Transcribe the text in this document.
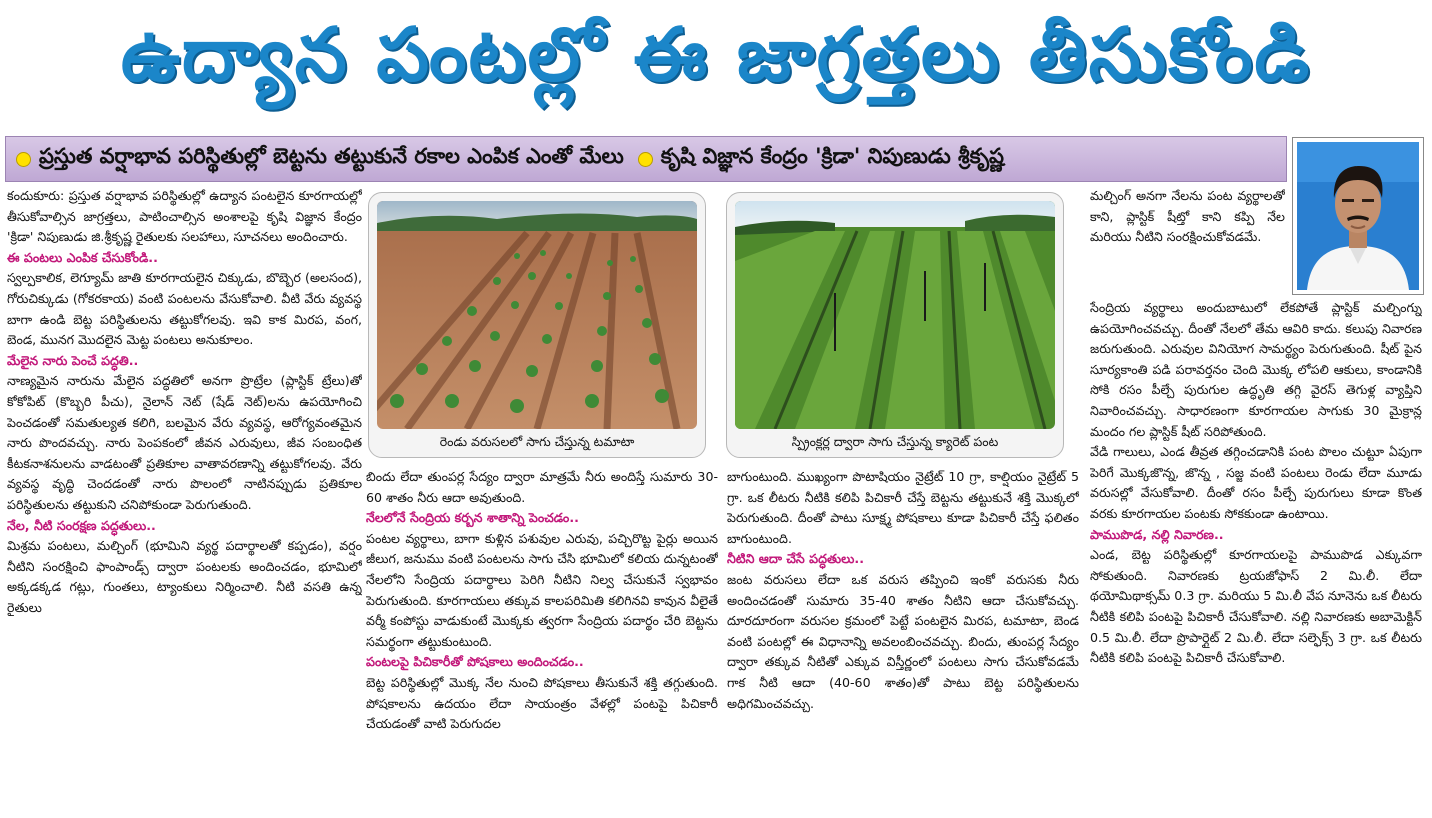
ఉద్యాన పంటల్లో ఈ జాగ్రత్తలు తీసుకోండి
ప్రస్తుత వర్షాభావ పరిస్థితుల్లో బెట్టను తట్టుకునే రకాల ఎంపిక ఎంతో మేలు కృషి విజ్ఞాన కేంద్రం 'క్రిడా' నిపుణుడు శ్రీకృష్ణ

కందుకూరు: ప్రస్తుత వర్షాభావ పరిస్థితుల్లో ఉద్యాన పంటలైన కూరగాయల్లో తీసుకోవాల్సిన జాగ్రత్తలు, పాటించాల్సిన అంశాలపై కృషి విజ్ఞాన కేంద్రం 'క్రిడా' నిపుణుడు జి.శ్రీకృష్ణ రైతులకు సలహాలు, సూచనలు అందించారు.

ఈ పంటలు ఎంపిక చేసుకోండి..

స్వల్పకాలిక, లెగ్యూమ్ జాతి కూరగాయలైన చిక్కుడు, బొబ్బెర (అలసంద), గోరుచిక్కుడు (గోకరకాయ) వంటి పంటలను వేసుకోవాలి. వీటి వేరు వ్యవస్థ బాగా ఉండి బెట్ట పరిస్థితులను తట్టుకోగలవు. ఇవి కాక మిరప, వంగ, బెండ, మునగ మొదలైన మెట్ట పంటలు అనుకూలం.

మేలైన నారు పెంచే పద్ధతి..

నాణ్యమైన నారును మేలైన పద్ధతిలో అనగా ప్రొట్రేల (ప్లాస్టిక్ ట్రేలు)తో కోకోపిట్ (కొబ్బరి పీచు), నైలాన్ నెట్ (షేడ్ నెట్)లను ఉపయోగించి పెంచడంతో సమతుల్యత కలిగి, బలమైన వేరు వ్యవస్థ, ఆరోగ్యవంతమైన నారు పొందవచ్చు. నారు పెంపకంలో జీవన ఎరువులు, జీవ సంబంధిత కీటకనాశనులను వాడటంతో ప్రతికూల వాతావరణాన్ని తట్టుకోగలవు. వేరు వ్యవస్థ వృద్ధి చెందడంతో నారు పొలంలో నాటినప్పుడు ప్రతికూల పరిస్థితులను తట్టుకుని చనిపోకుండా పెరుగుతుంది.

నేల, నీటి సంరక్షణ పద్ధతులు..

మిశ్రమ పంటలు, మల్చింగ్ (భూమిని వ్యర్థ పదార్థాలతో కప్పడం), వర్షం నీటిని సంరక్షించి ఫాంపాండ్స్ ద్వారా పంటలకు అందించడం, భూమిలో అక్కడక్కడ గట్లు, గుంతలు, ట్యాంకులు నిర్మించాలి. నీటి వసతి ఉన్న రైతులు

రెండు వరుసలలో సాగు చేస్తున్న టమాటా	స్ప్రింక్లర్ల ద్వారా సాగు చేస్తున్న క్యారెట్ పంట

బిందు లేదా తుంపర్ల సేద్యం ద్వారా మాత్రమే నీరు అందిస్తే సుమారు 30-60 శాతం నీరు ఆదా అవుతుంది.

నేలలోనే సేంద్రియ కర్బన శాతాన్ని పెంచడం..

పంటల వ్యర్థాలు, బాగా కుళ్లిన పశువుల ఎరువు, పచ్చిరొట్ట పైర్లు అయిన జీలుగ, జనుము వంటి పంటలను సాగు చేసి భూమిలో కలియ దున్నటంతో నేలలోని సేంద్రియ పదార్థాలు పెరిగి నీటిని నిల్వ చేసుకునే స్వభావం పెరుగుతుంది. కూరగాయలు తక్కువ కాలపరిమితి కలిగినవి కావున వీలైతే వర్మీ కంపోస్టు వాడుకుంటే మొక్కకు త్వరగా సేంద్రియ పదార్థం చేరి బెట్టను సమర్థంగా తట్టుకుంటుంది.

పంటలపై పిచికారీతో పోషకాలు అందించడం..

బెట్ట పరిస్థితుల్లో మొక్క నేల నుంచి పోషకాలు తీసుకునే శక్తి తగ్గుతుంది. పోషకాలను ఉదయం లేదా సాయంత్రం వేళల్లో పంటపై పిచికారీ చేయడంతో వాటి పెరుగుదల

బాగుంటుంది. ముఖ్యంగా పొటాషియం నైట్రేట్ 10 గ్రా, కాల్షియం నైట్రేట్ 5 గ్రా. ఒక లీటరు నీటికి కలిపి పిచికారీ చేస్తే బెట్టను తట్టుకునే శక్తి మొక్కలో పెరుగుతుంది. దీంతో పాటు సూక్ష్మ పోషకాలు కూడా పిచికారీ చేస్తే ఫలితం బాగుంటుంది.

నీటిని ఆదా చేసే పద్ధతులు..

జంట వరుసలు లేదా ఒక వరుస తప్పించి ఇంకో వరుసకు నీరు అందించడంతో సుమారు 35-40 శాతం నీటిని ఆదా చేసుకోవచ్చు. దూరదూరంగా వరుసల క్రమంలో పెట్టే పంటలైన మిరప, టమాటా, బెండ వంటి పంటల్లో ఈ విధానాన్ని అవలంబించవచ్చు. బిందు, తుంపర్ల సేద్యం ద్వారా తక్కువ నీటితో ఎక్కువ విస్తీర్ణంలో పంటలు సాగు చేసుకోవడమే గాక నీటి ఆదా (40-60 శాతం)తో పాటు బెట్ట పరిస్థితులను అధిగమించవచ్చు.

మల్చింగ్ అనగా నేలను పంట వ్యర్థాలతో కాని, ప్లాస్టిక్ షీట్తో కాని కప్పి నేల మరియు నీటిని సంరక్షించుకోవడమే.

సేంద్రియ వ్యర్థాలు అందుబాటులో లేకపోతే ప్లాస్టిక్ మల్చింగ్ను ఉపయోగించవచ్చు. దీంతో నేలలో తేమ ఆవిరి కాదు. కలుపు నివారణ జరుగుతుంది. ఎరువుల వినియోగ సామర్థ్యం పెరుగుతుంది. షీట్ పైన సూర్యకాంతి పడి పరావర్తనం చెంది మొక్క లోపలి ఆకులు, కాండానికి సోకి రసం పీల్చే పురుగుల ఉద్ధృతి తగ్గి వైరస్ తెగుళ్ల వ్యాప్తిని నివారించవచ్చు. సాధారణంగా కూరగాయల సాగుకు 30 మైక్రాన్ల మందం గల ప్లాస్టిక్ షీట్ సరిపోతుంది.

వేడి గాలులు, ఎండ తీవ్రత తగ్గించడానికి పంట పొలం చుట్టూ ఏపుగా పెరిగే మొక్కజొన్న, జొన్న , సజ్జ వంటి పంటలు రెండు లేదా మూడు వరుసల్లో వేసుకోవాలి. దీంతో రసం పీల్చే పురుగులు కూడా కొంత వరకు కూరగాయల పంటకు సోకకుండా ఉంటాయి.

పాముపొడ, నల్లి నివారణ..

ఎండ, బెట్ట పరిస్థితుల్లో కూరగాయలపై పాముపొడ ఎక్కువగా సోకుతుంది. నివారణకు ట్రయజోఫాస్ 2 మి.లీ. లేదా థయోమిథాక్సమ్ 0.3 గ్రా. మరియు 5 మి.లీ వేప నూనెను ఒక లీటరు నీటికి కలిపి పంటపై పిచికారీ చేసుకోవాలి. నల్లి నివారణకు అబామెక్టిన్ 0.5 మి.లీ. లేదా ప్రొపార్గైట్ 2 మి.లీ. లేదా సల్ఫెక్స్ 3 గ్రా. ఒక లీటరు నీటికి కలిపి పంటపై పిచికారీ చేసుకోవాలి.
